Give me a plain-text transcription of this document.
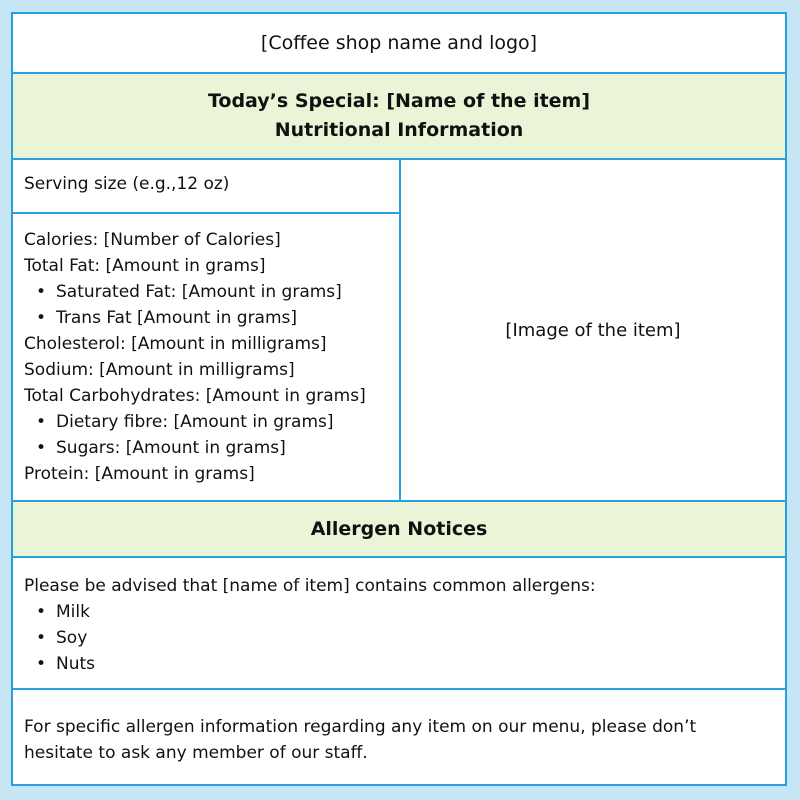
[Coffee shop name and logo]
Today’s Special: [Name of the item]
Nutritional Information
Serving size (e.g.,12 oz)
Calories: [Number of Calories]
Total Fat: [Amount in grams]
• Saturated Fat: [Amount in grams]
• Trans Fat [Amount in grams]
Cholesterol: [Amount in milligrams]
Sodium: [Amount in milligrams]
Total Carbohydrates: [Amount in grams]
• Dietary fibre: [Amount in grams]
• Sugars: [Amount in grams]
Protein: [Amount in grams]
[Image of the item]
Allergen Notices
Please be advised that [name of item] contains common allergens:
• Milk
• Soy
• Nuts
For specific allergen information regarding any item on our menu, please don’t hesitate to ask any member of our staff.
